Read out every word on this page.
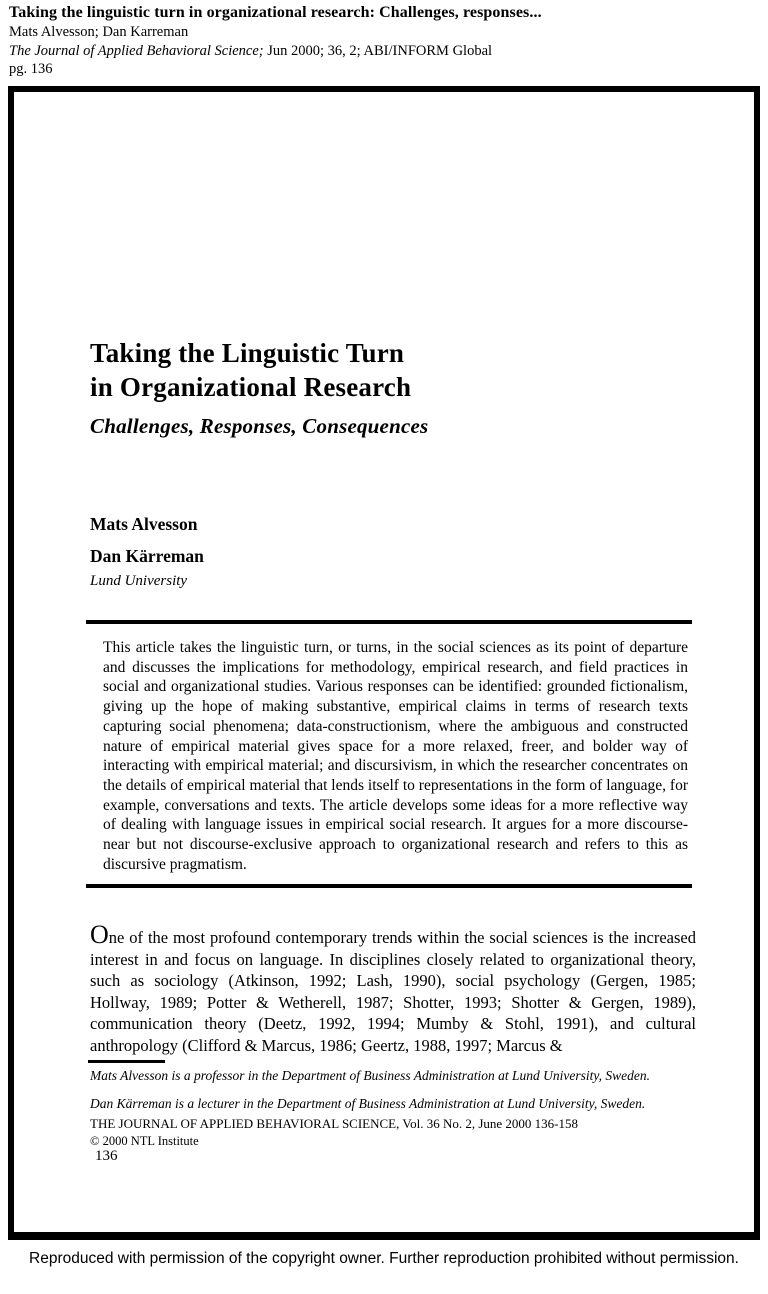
Taking the linguistic turn in organizational research: Challenges, responses...
Mats Alvesson; Dan Karreman
The Journal of Applied Behavioral Science; Jun 2000; 36, 2; ABI/INFORM Global
pg. 136
Taking the Linguistic Turn
in Organizational Research
Challenges, Responses, Consequences
Mats Alvesson
Dan Kärreman
Lund University

This article takes the linguistic turn, or turns, in the social sciences as its point of departure and discusses the implications for methodology, empirical research, and field practices in social and organizational studies. Various responses can be identified: grounded fictionalism, giving up the hope of making substantive, empirical claims in terms of research texts capturing social phenomena; data-constructionism, where the ambiguous and constructed nature of empirical material gives space for a more relaxed, freer, and bolder way of interacting with empirical material; and discursivism, in which the researcher concentrates on the details of empirical material that lends itself to representations in the form of language, for example, conversations and texts. The article develops some ideas for a more reflective way of dealing with language issues in empirical social research. It argues for a more discourse-near but not discourse-exclusive approach to organizational research and refers to this as discursive pragmatism.

One of the most profound contemporary trends within the social sciences is the increased interest in and focus on language. In disciplines closely related to organizational theory, such as sociology (Atkinson, 1992; Lash, 1990), social psychology (Gergen, 1985; Hollway, 1989; Potter & Wetherell, 1987; Shotter, 1993; Shotter & Gergen, 1989), communication theory (Deetz, 1992, 1994; Mumby & Stohl, 1991), and cultural anthropology (Clifford & Marcus, 1986; Geertz, 1988, 1997; Marcus &

Mats Alvesson is a professor in the Department of Business Administration at Lund University, Sweden.

Dan Kärreman is a lecturer in the Department of Business Administration at Lund University, Sweden.

THE JOURNAL OF APPLIED BEHAVIORAL SCIENCE, Vol. 36 No. 2, June 2000 136-158

© 2000 NTL Institute

136
Reproduced with permission of the copyright owner. Further reproduction prohibited without permission.
